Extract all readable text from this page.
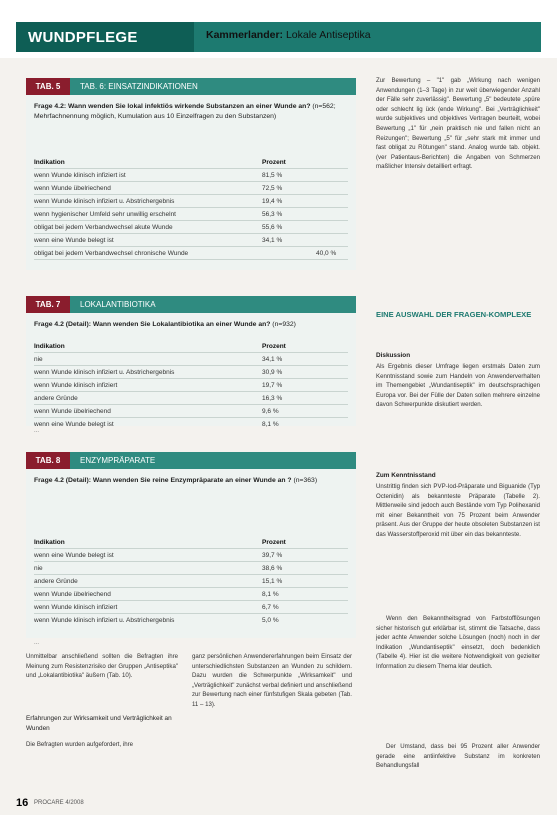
WUNDPFLEGE	Kammerlander: Lokale Antiseptika
TAB. 5	TAB. 6: EINSATZINDIKATIONEN
Frage 4.2: Wann wenden Sie lokal infektiös wirkende Substanzen an einer Wunde an? (n=562; Mehrfachnennung möglich, Kumulation aus 10 Einzelfragen zu den Substanzen)
Indikation	Prozent
wenn Wunde klinisch infiziert ist	81,5 %
wenn Wunde übelriechend	72,5 %
wenn Wunde klinisch infiziert u. Abstrichergebnis	19,4 %
wenn hygienischer Umfeld sehr unwillig erschelnt	56,3 %
obligat bei jedem Verbandwechsel akute Wunde	55,6 %
wenn eine Wunde belegt ist	34,1 %
obligat bei jedem Verbandwechsel chronische Wunde	40,0 %
TAB. 7	LOKALANTIBIOTIKA
Frage 4.2 (Detail): Wann wenden Sie Lokalantibiotika an einer Wunde an? (n=932)
Indikation	Prozent
nie	34,1 %
wenn Wunde klinisch infiziert u. Abstrichergebnis	30,9 %
wenn Wunde klinisch infiziert	19,7 %
andere Gründe	16,3 %
wenn Wunde übelriechend	9,6 %
wenn eine Wunde belegt ist	8,1 %
...
TAB. 8	ENZYMPRÄPARATE
Frage 4.2 (Detail): Wann wenden Sie reine Enzympräparate an einer Wunde an ? (n=363)
Indikation	Prozent
wenn eine Wunde belegt ist	39,7 %
nie	38,6 %
andere Gründe	15,1 %
wenn Wunde übelriechend	8,1 %
wenn Wunde klinisch infiziert	6,7 %
wenn Wunde klinisch infiziert u. Abstrichergebnis	5,0 %
...
Zur Bewertung – "1" gab „Wirkung nach wenigen Anwendungen (1–3 Tage) in zur weit überwiegender Anzahl der Fälle sehr zuverlässig". Bewertung „5" bedeutete „spüre oder schlecht lig ück (ende Wirkung". Bei „Verträglichkeit" wurde subjektives und objektives Vertragen beurteilt, wobei Bewertung „1" für „nein praktisch nie und fallen nicht an Reizungen"; Bewertung „5" für „sehr stark mit immer und fast obligat zu Rötungen" stand. Analog wurde tab. objekt. (ver Patientaus-Berichten) die Angaben von Schmerzen maßlicher Intensiv detailliert erfragt.
EINE AUSWAHL DER FRAGEN-KOMPLEXE
Diskussion
Als Ergebnis dieser Umfrage liegen erstmals Daten zum Kenntnisstand sowie zum Handeln von Anwenderverhalten im Themengebiet „Wundantiseptik" im deutschsprachigen Europa vor. Bei der Fülle der Daten sollen mehrere einzelne davon Schwerpunkte diskutiert werden.
Zum Kenntnisstand
Unstrittig finden sich PVP-Iod-Präparate und Biguanide (Typ Octenidin) als bekannteste Präparate (Tabelle 2). Mittlerweile sind jedoch auch Bestände vom Typ Polihexanid mit einer Bekanntheit von 75 Prozent beim Anwender präsent. Aus der Gruppe der heute obsoleten Substanzen ist das Wasserstoffperoxid mit über ein das bekannteste.
Wenn den Bekanntheitsgrad von Farbstofflösungen sicher historisch gut erklärbar ist, stimmt die Tatsache, dass jeder achte Anwender solche Lösungen (noch) noch in der Indikation „Wundantiseptik" einsetzt, doch bedenklich (Tabelle 4). Hier ist die weitere Notwendigkeit von gezielter Information zu diesem Thema klar deutlich.
Der Umstand, dass bei 95 Prozent aller Anwender gerade eine antiinfektive Substanz im konkreten Behandlungsfall
Unmittelbar anschließend sollten die Befragten ihre Meinung zum Resistenzrisiko der Gruppen „Antiseptika" und „Lokalantibiotika" äußern (Tab. 10).
Erfahrungen zur Wirksamkeit und Verträglichkeit an Wunden
Die Befragten wurden aufgefordert, ihre
ganz persönlichen Anwendererfahrungen beim Einsatz der unterschiedlichsten Substanzen an Wunden zu schildern. Dazu wurden die Schwerpunkte „Wirksamkeit" und „Verträglichkeit" zunächst verbal definiert und anschließend zur Bewertung nach einer fünfstufigen Skala gebeten (Tab. 11 – 13).
16 PROCARE 4/2008
